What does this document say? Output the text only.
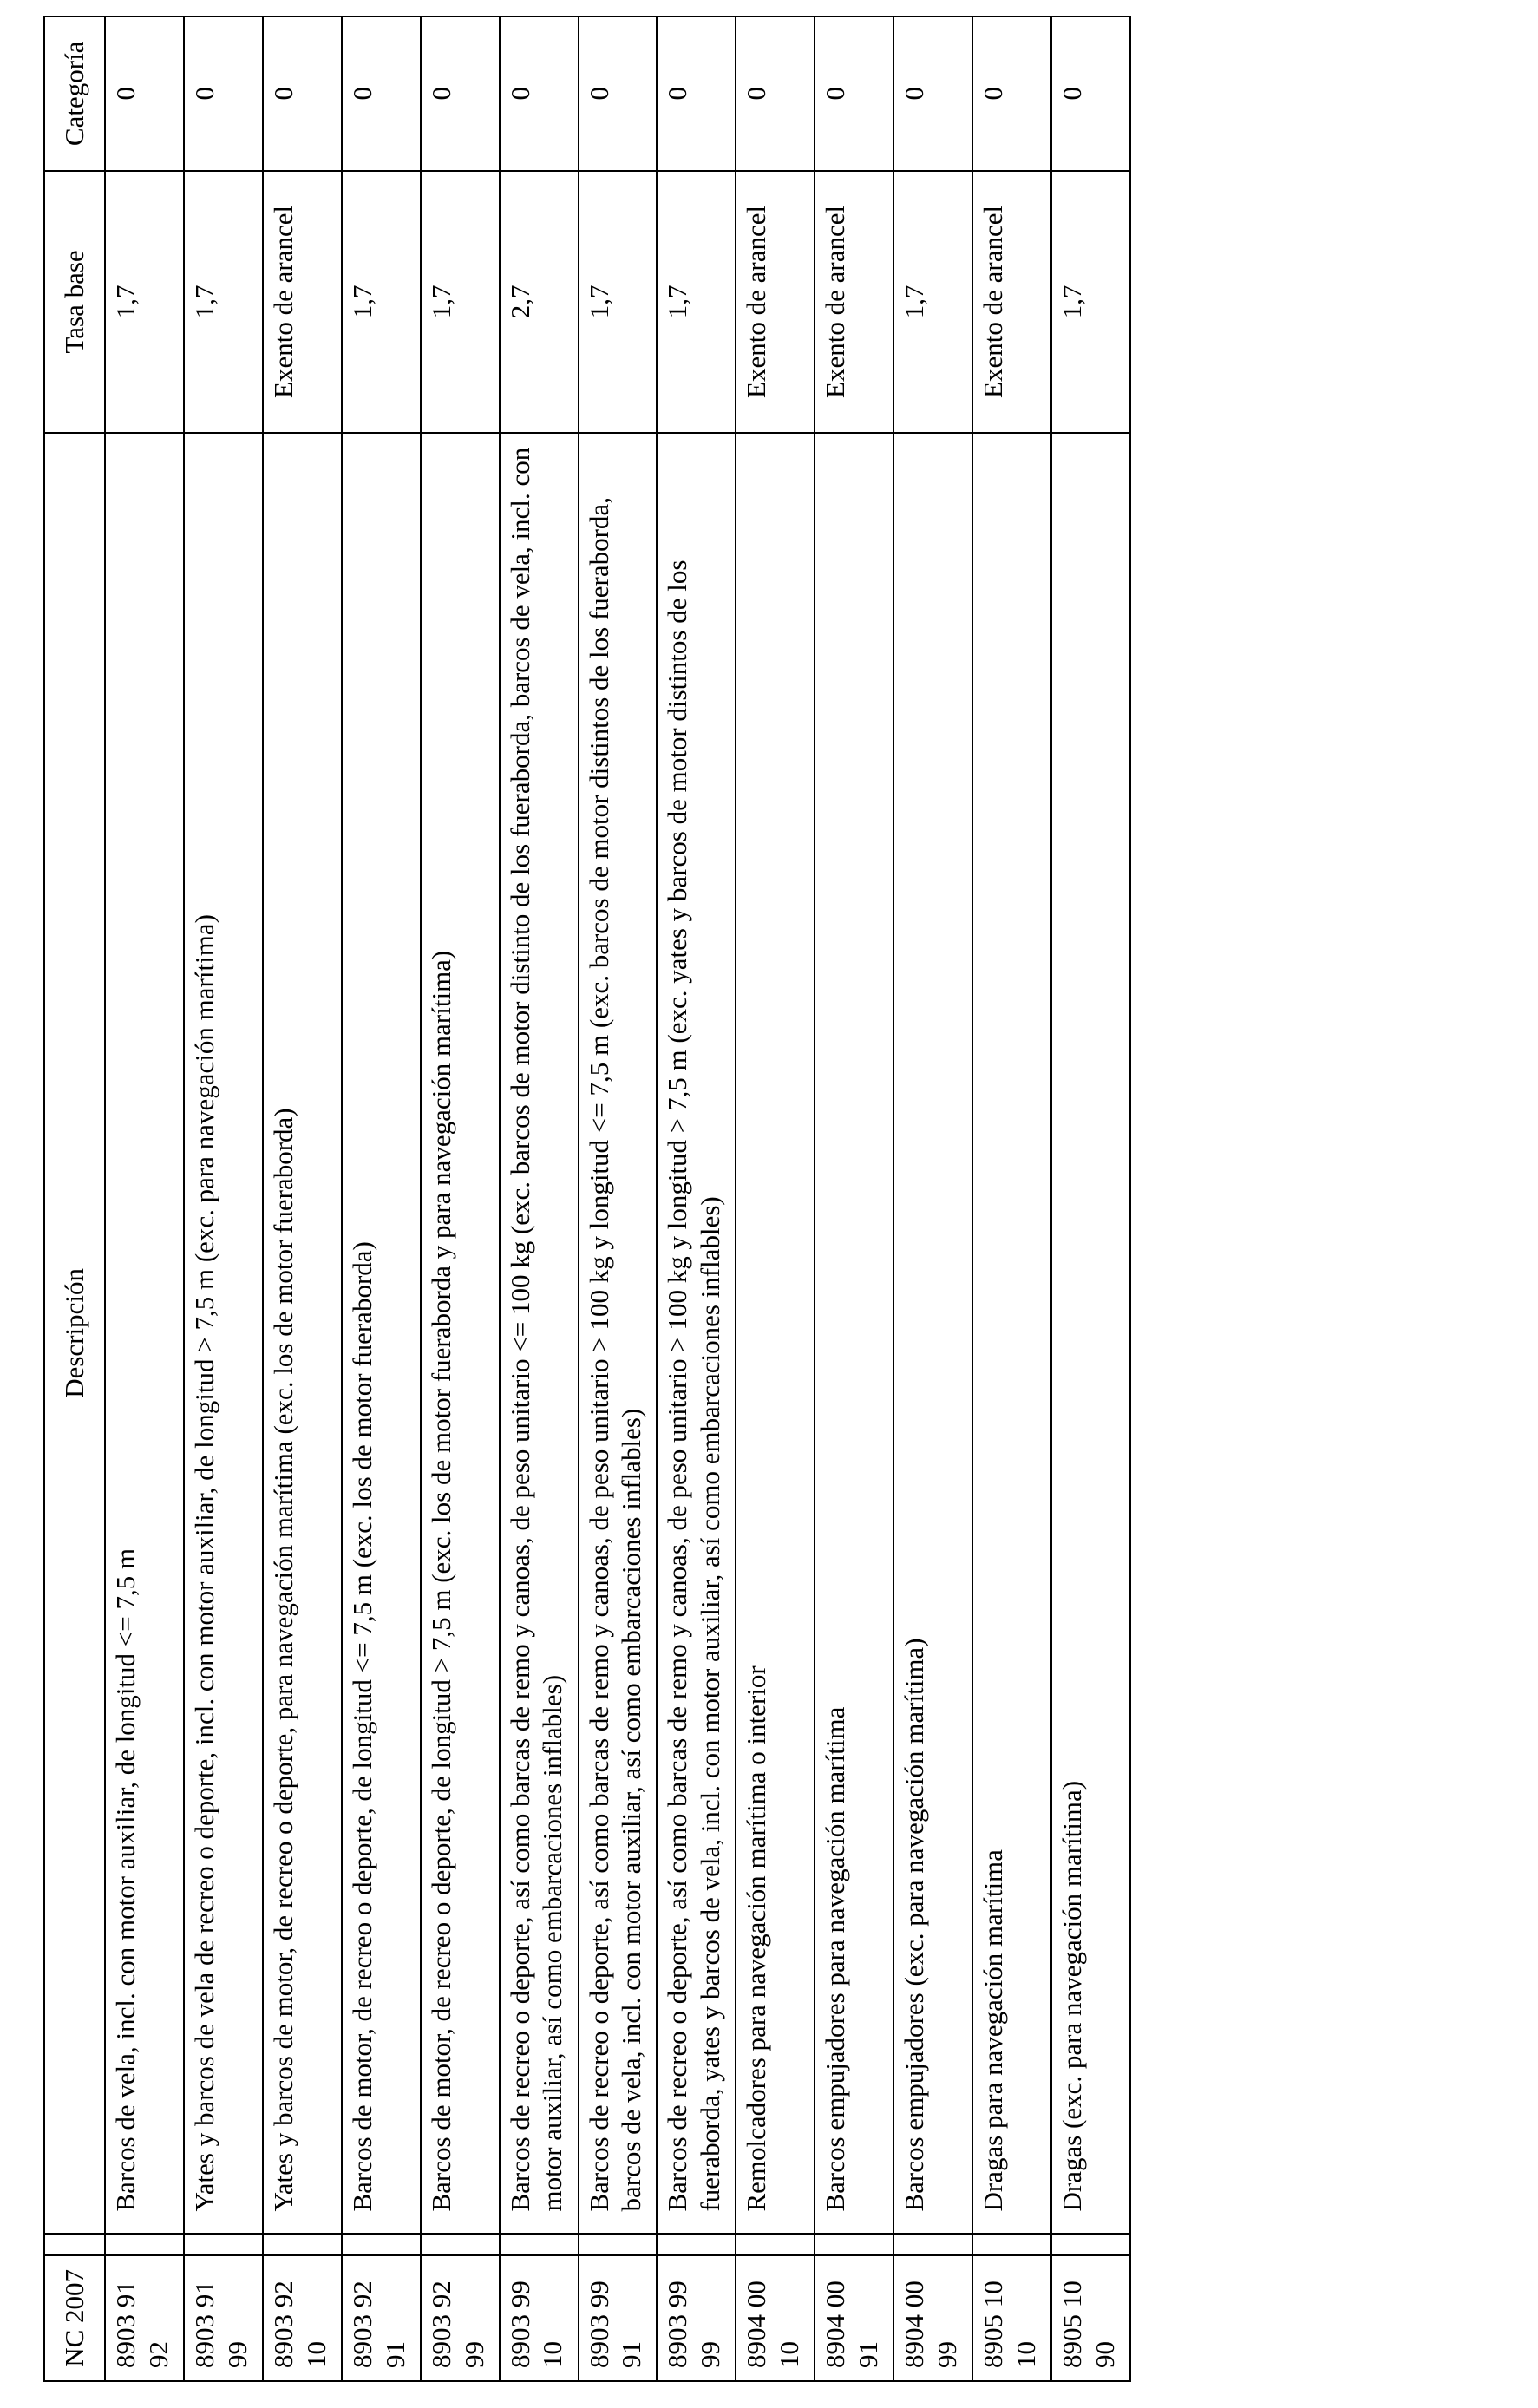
NC 2007		Descripción	Tasa base	Categoría
8903 91 92		Barcos de vela, incl. con motor auxiliar, de longitud <= 7,5 m	1,7	0
8903 91 99		Yates y barcos de vela de recreo o deporte, incl. con motor auxiliar, de longitud > 7,5 m (exc. para navegación marítima)	1,7	0
8903 92 10		Yates y barcos de motor, de recreo o deporte, para navegación marítima (exc. los de motor fueraborda)	Exento de arancel	0
8903 92 91		Barcos de motor, de recreo o deporte, de longitud <= 7,5 m (exc. los de motor fueraborda)	1,7	0
8903 92 99		Barcos de motor, de recreo o deporte, de longitud > 7,5 m (exc. los de motor fueraborda y para navegación marítima)	1,7	0
8903 99 10		Barcos de recreo o deporte, así como barcas de remo y canoas, de peso unitario <= 100 kg (exc. barcos de motor distinto de los fueraborda, barcos de vela, incl. con motor auxiliar, así como embarcaciones inflables)	2,7	0
8903 99 91		Barcos de recreo o deporte, así como barcas de remo y canoas, de peso unitario > 100 kg y longitud <= 7,5 m (exc. barcos de motor distintos de los fueraborda, barcos de vela, incl. con motor auxiliar, así como embarcaciones inflables)	1,7	0
8903 99 99		Barcos de recreo o deporte, así como barcas de remo y canoas, de peso unitario > 100 kg y longitud > 7,5 m (exc. yates y barcos de motor distintos de los fueraborda, yates y barcos de vela, incl. con motor auxiliar, así como embarcaciones inflables)	1,7	0
8904 00 10		Remolcadores para navegación marítima o interior	Exento de arancel	0
8904 00 91		Barcos empujadores para navegación marítima	Exento de arancel	0
8904 00 99		Barcos empujadores (exc. para navegación marítima)	1,7	0
8905 10 10		Dragas para navegación marítima	Exento de arancel	0
8905 10 90		Dragas (exc. para navegación marítima)	1,7	0
